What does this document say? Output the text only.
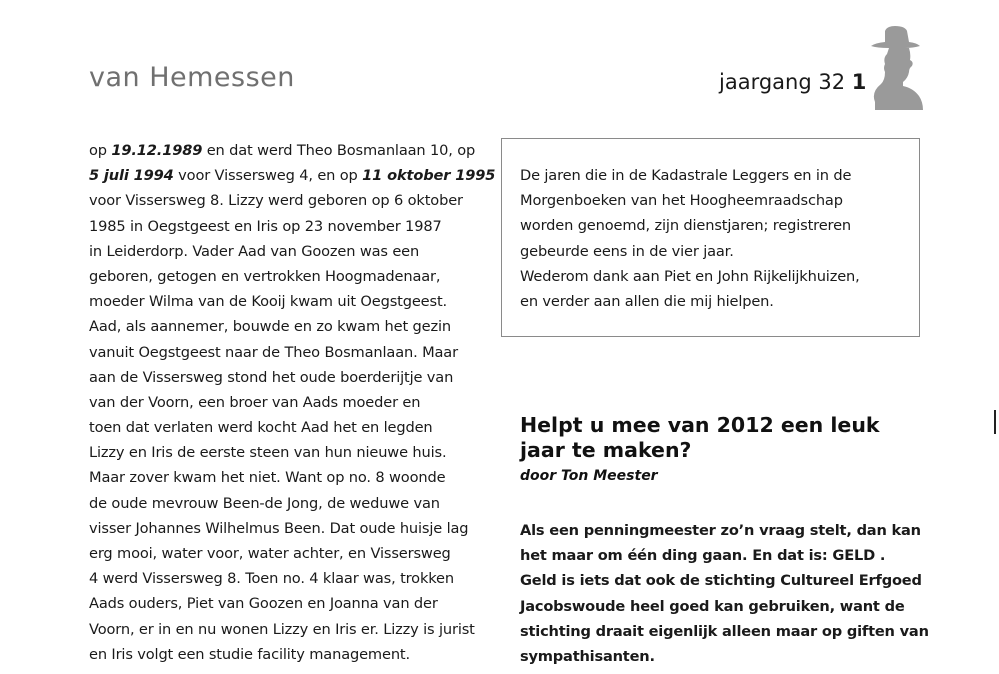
van Hemessen	jaargang 32 1
op 19.12.1989 en dat werd Theo Bosmanlaan 10, op
5 juli 1994 voor Vissersweg 4, en op 11 oktober 1995
voor Vissersweg 8. Lizzy werd geboren op 6 oktober
1985 in Oegstgeest en Iris op 23 november 1987
in Leiderdorp. Vader Aad van Goozen was een
geboren, getogen en vertrokken Hoogmadenaar,
moeder Wilma van de Kooij kwam uit Oegstgeest.
Aad, als aannemer, bouwde en zo kwam het gezin
vanuit Oegstgeest naar de Theo Bosmanlaan. Maar
aan de Vissersweg stond het oude boerderijtje van
van der Voorn, een broer van Aads moeder en
toen dat verlaten werd kocht Aad het en legden
Lizzy en Iris de eerste steen van hun nieuwe huis.
Maar zover kwam het niet. Want op no. 8 woonde
de oude mevrouw Been-de Jong, de weduwe van
visser Johannes Wilhelmus Been. Dat oude huisje lag
erg mooi, water voor, water achter, en Vissersweg
4 werd Vissersweg 8. Toen no. 4 klaar was, trokken
Aads ouders, Piet van Goozen en Joanna van der
Voorn, er in en nu wonen Lizzy en Iris er. Lizzy is jurist
en Iris volgt een studie facility management.
De jaren die in de Kadastrale Leggers en in de
Morgenboeken van het Hoogheemraadschap
worden genoemd, zijn dienstjaren; registreren
gebeurde eens in de vier jaar.
Wederom dank aan Piet en John Rijkelijkhuizen,
en verder aan allen die mij hielpen.
Helpt u mee van 2012 een leuk
jaar te maken?
door Ton Meester
Als een penningmeester zo’n vraag stelt, dan kan
het maar om één ding gaan. En dat is: GELD .
Geld is iets dat ook de stichting Cultureel Erfgoed
Jacobswoude heel goed kan gebruiken, want de
stichting draait eigenlijk alleen maar op giften van
sympathisanten.
